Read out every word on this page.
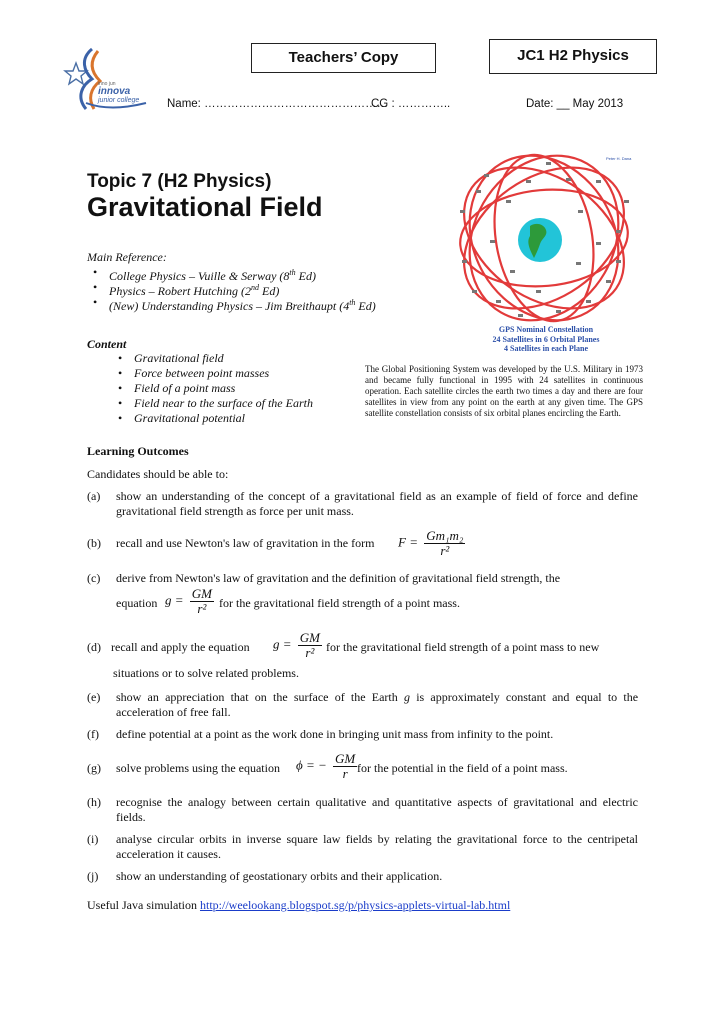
inno jun
innova
junior college
Teachers’ Copy	JC1 H2 Physics
Name: …………………………………………
CG : …………..	Date: __ May 2013
Topic 7 (H2 Physics)
Gravitational Field
Main Reference:
• College Physics – Vuille & Serway (8th Ed)
• Physics – Robert Hutching (2nd Ed)
• (New) Understanding Physics – Jim Breithaupt (4th Ed)
Content
• Gravitational field
• Force between point masses
• Field of a point mass
• Field near to the surface of the Earth
• Gravitational potential
Peter H. Dana
GPS Nominal Constellation
24 Satellites in 6 Orbital Planes
4 Satellites in each Plane
The Global Positioning System was developed by the U.S. Military in 1973 and became fully functional in 1995 with 24 satellites in continuous operation. Each satellite circles the earth two times a day and there are four satellites in view from any point on the earth at any given time. The GPS satellite constellation consists of six orbital planes encircling the Earth.
Learning Outcomes
Candidates should be able to:
(a) show an understanding of the concept of a gravitational field as an example of field of force and define gravitational field strength as force per unit mass.
(b) recall and use Newton's law of gravitation in the form $F = \frac{\text{Gm₁m₂}}{\text{r²}}$
(c) derive from Newton's law of gravitation and the definition of gravitational field strength, the
equation $g = \frac{GM}{\text{r²}}$ for the gravitational field strength of a point mass.
(d) recall and apply the equation $g = \frac{GM}{\text{r²}}$ for the gravitational field strength of a point mass to new
situations or to solve related problems.
(e) show an appreciation that on the surface of the Earth g is approximately constant and equal to the acceleration of free fall.
(f) define potential at a point as the work done in bringing unit mass from infinity to the point.
(g) solve problems using the equation ϕ = − $\frac{GM}{r}$ for the potential in the field of a point mass.
(h) recognise the analogy between certain qualitative and quantitative aspects of gravitational and electric fields.
(i) analyse circular orbits in inverse square law fields by relating the gravitational force to the centripetal acceleration it causes.
(j) show an understanding of geostationary orbits and their application.
Useful Java simulation http://weelookang.blogspot.sg/p/physics-applets-virtual-lab.html
